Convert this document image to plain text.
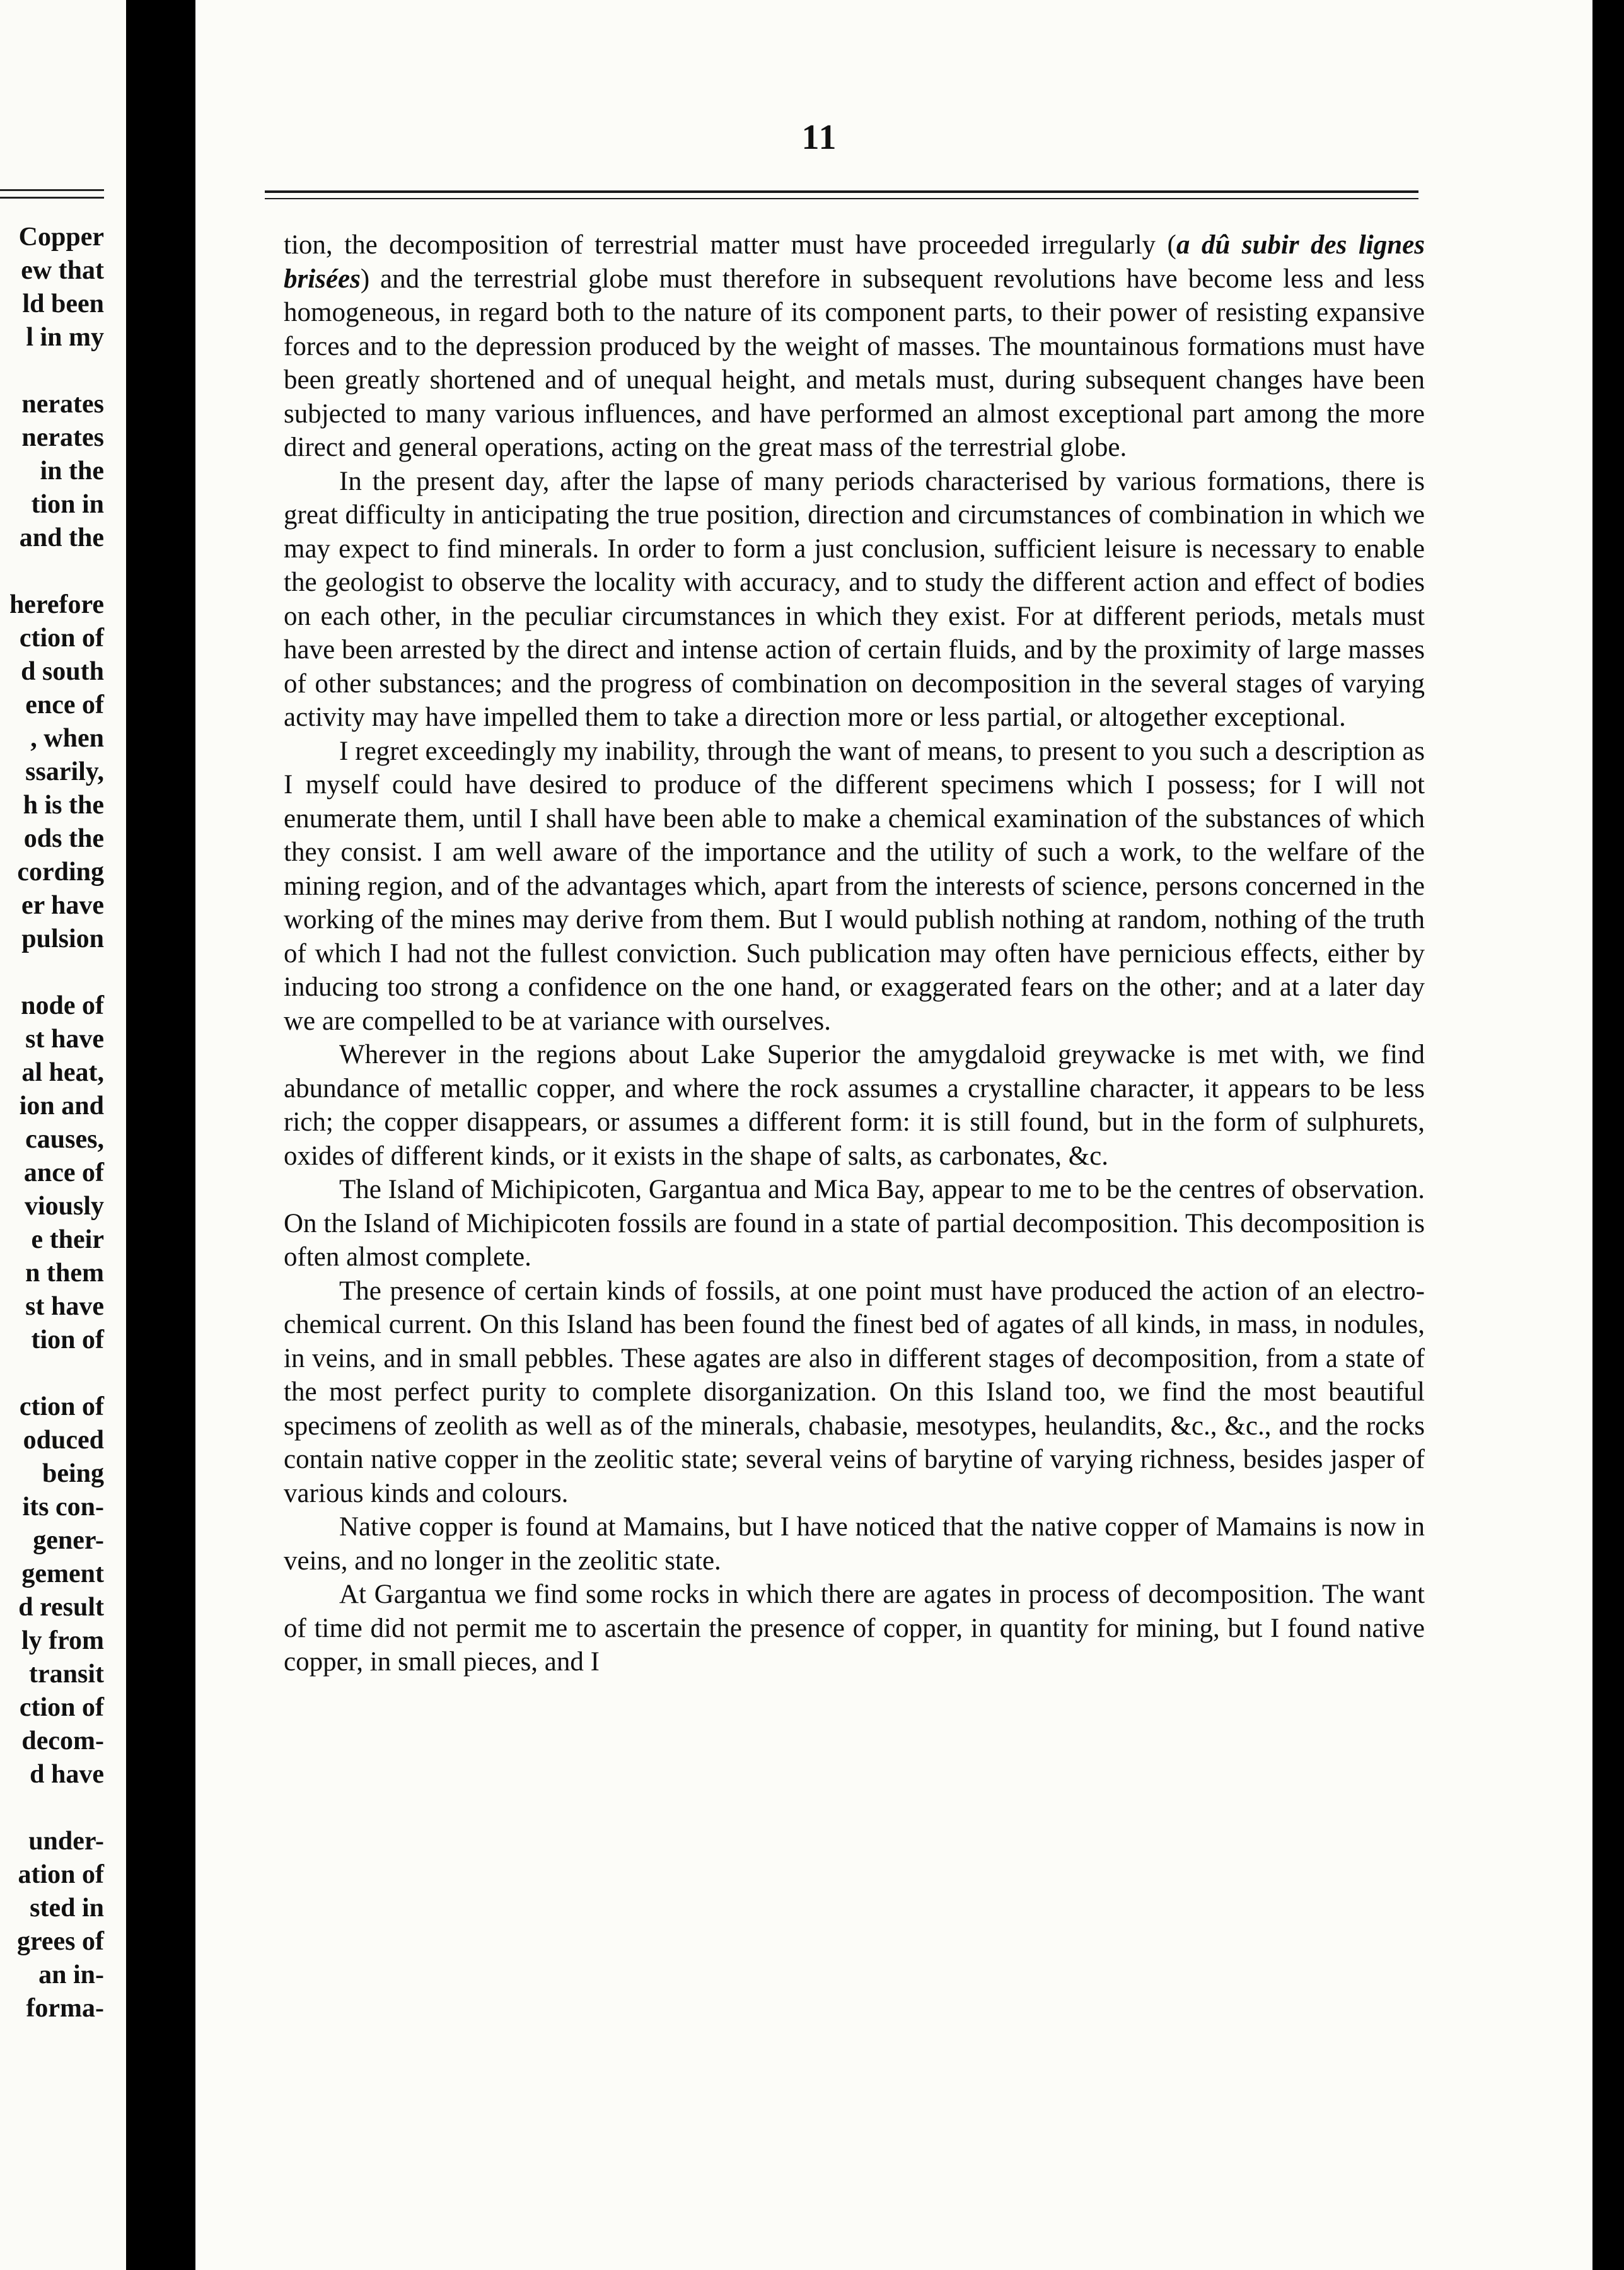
Copper
ew that
ld been
l in my
nerates
nerates
in the
tion in
and the
herefore
ction of
d south
ence of
, when
ssarily,
h is the
ods the
cording
er have
pulsion
node of
st have
al heat,
ion and
causes,
ance of
viously
e their
n them
st have
tion of
ction of
oduced
being
its con-
gener-
gement
d result
ly from
transit
ction of
decom-
d have
under-
ation of
sted in
grees of
an in-
forma-
11

tion, the decomposition of terrestrial matter must have proceeded irregularly (a dû subir des lignes brisées) and the terrestrial globe must therefore in subsequent revolutions have become less and less homogeneous, in regard both to the nature of its component parts, to their power of resisting expansive forces and to the depression produced by the weight of masses. The mountainous formations must have been greatly shortened and of unequal height, and metals must, during subsequent changes have been subjected to many various influences, and have performed an almost exceptional part among the more direct and general operations, acting on the great mass of the terrestrial globe.

In the present day, after the lapse of many periods characterised by various formations, there is great difficulty in anticipating the true position, direction and circumstances of combination in which we may expect to find minerals. In order to form a just conclusion, sufficient leisure is necessary to enable the geologist to observe the locality with accuracy, and to study the different action and effect of bodies on each other, in the peculiar circumstances in which they exist. For at different periods, metals must have been arrested by the direct and intense action of certain fluids, and by the proximity of large masses of other substances; and the progress of combination on decomposition in the several stages of varying activity may have impelled them to take a direction more or less partial, or altogether exceptional.

I regret exceedingly my inability, through the want of means, to present to you such a description as I myself could have desired to produce of the different specimens which I possess; for I will not enumerate them, until I shall have been able to make a chemical examination of the substances of which they consist. I am well aware of the importance and the utility of such a work, to the welfare of the mining region, and of the advantages which, apart from the interests of science, persons concerned in the working of the mines may derive from them. But I would publish nothing at random, nothing of the truth of which I had not the fullest conviction. Such publication may often have pernicious effects, either by inducing too strong a confidence on the one hand, or exaggerated fears on the other; and at a later day we are compelled to be at variance with ourselves.

Wherever in the regions about Lake Superior the amygdaloid greywacke is met with, we find abundance of metallic copper, and where the rock assumes a crystalline character, it appears to be less rich; the copper disappears, or assumes a different form: it is still found, but in the form of sulphurets, oxides of different kinds, or it exists in the shape of salts, as carbonates, &c.

The Island of Michipicoten, Gargantua and Mica Bay, appear to me to be the centres of observation. On the Island of Michipicoten fossils are found in a state of partial decomposition. This decomposition is often almost complete.

The presence of certain kinds of fossils, at one point must have produced the action of an electro-chemical current. On this Island has been found the finest bed of agates of all kinds, in mass, in nodules, in veins, and in small pebbles. These agates are also in different stages of decomposition, from a state of the most perfect purity to complete disorganization. On this Island too, we find the most beautiful specimens of zeolith as well as of the minerals, chabasie, mesotypes, heulandits, &c., &c., and the rocks contain native copper in the zeolitic state; several veins of barytine of varying richness, besides jasper of various kinds and colours.

Native copper is found at Mamains, but I have noticed that the native copper of Mamains is now in veins, and no longer in the zeolitic state.

At Gargantua we find some rocks in which there are agates in process of decomposition. The want of time did not permit me to ascertain the presence of copper, in quantity for mining, but I found native copper, in small pieces, and I
